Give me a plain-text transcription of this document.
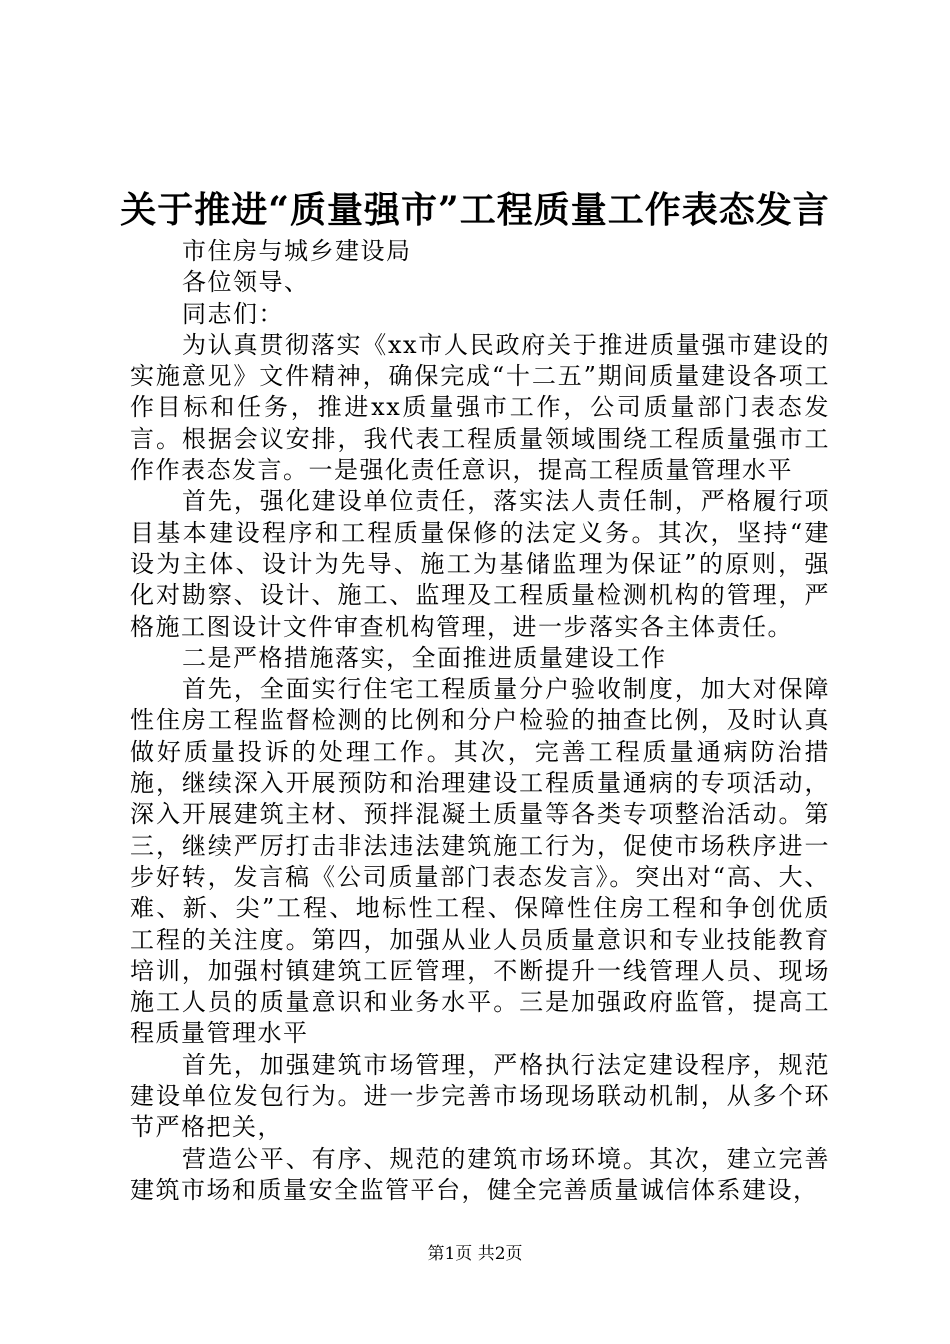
关于推进“质量强市”工程质量工作表态发言

市住房与城乡建设局

各位领导、

同志们：

为认真贯彻落实《xx市人民政府关于推进质量强市建设的实施意见》文件精神，确保完成“十二五”期间质量建设各项工作目标和任务，推进xx质量强市工作，公司质量部门表态发言。根据会议安排，我代表工程质量领域围绕工程质量强市工作作表态发言。一是强化责任意识，提高工程质量管理水平

首先，强化建设单位责任，落实法人责任制，严格履行项目基本建设程序和工程质量保修的法定义务。其次，坚持“建设为主体、设计为先导、施工为基储监理为保证”的原则，强化对勘察、设计、施工、监理及工程质量检测机构的管理，严格施工图设计文件审查机构管理，进一步落实各主体责任。

二是严格措施落实，全面推进质量建设工作

首先，全面实行住宅工程质量分户验收制度，加大对保障性住房工程监督检测的比例和分户检验的抽查比例，及时认真做好质量投诉的处理工作。其次，完善工程质量通病防治措施，继续深入开展预防和治理建设工程质量通病的专项活动，深入开展建筑主材、预拌混凝土质量等各类专项整治活动。第三，继续严厉打击非法违法建筑施工行为，促使市场秩序进一步好转，发言稿《公司质量部门表态发言》。突出对“高、大、难、新、尖”工程、地标性工程、保障性住房工程和争创优质工程的关注度。第四，加强从业人员质量意识和专业技能教育培训，加强村镇建筑工匠管理，不断提升一线管理人员、现场施工人员的质量意识和业务水平。三是加强政府监管，提高工程质量管理水平

首先，加强建筑市场管理，严格执行法定建设程序，规范建设单位发包行为。进一步完善市场现场联动机制，从多个环节严格把关，

营造公平、有序、规范的建筑市场环境。其次，建立完善建筑市场和质量安全监管平台，健全完善质量诚信体系建设，

第1页 共2页
